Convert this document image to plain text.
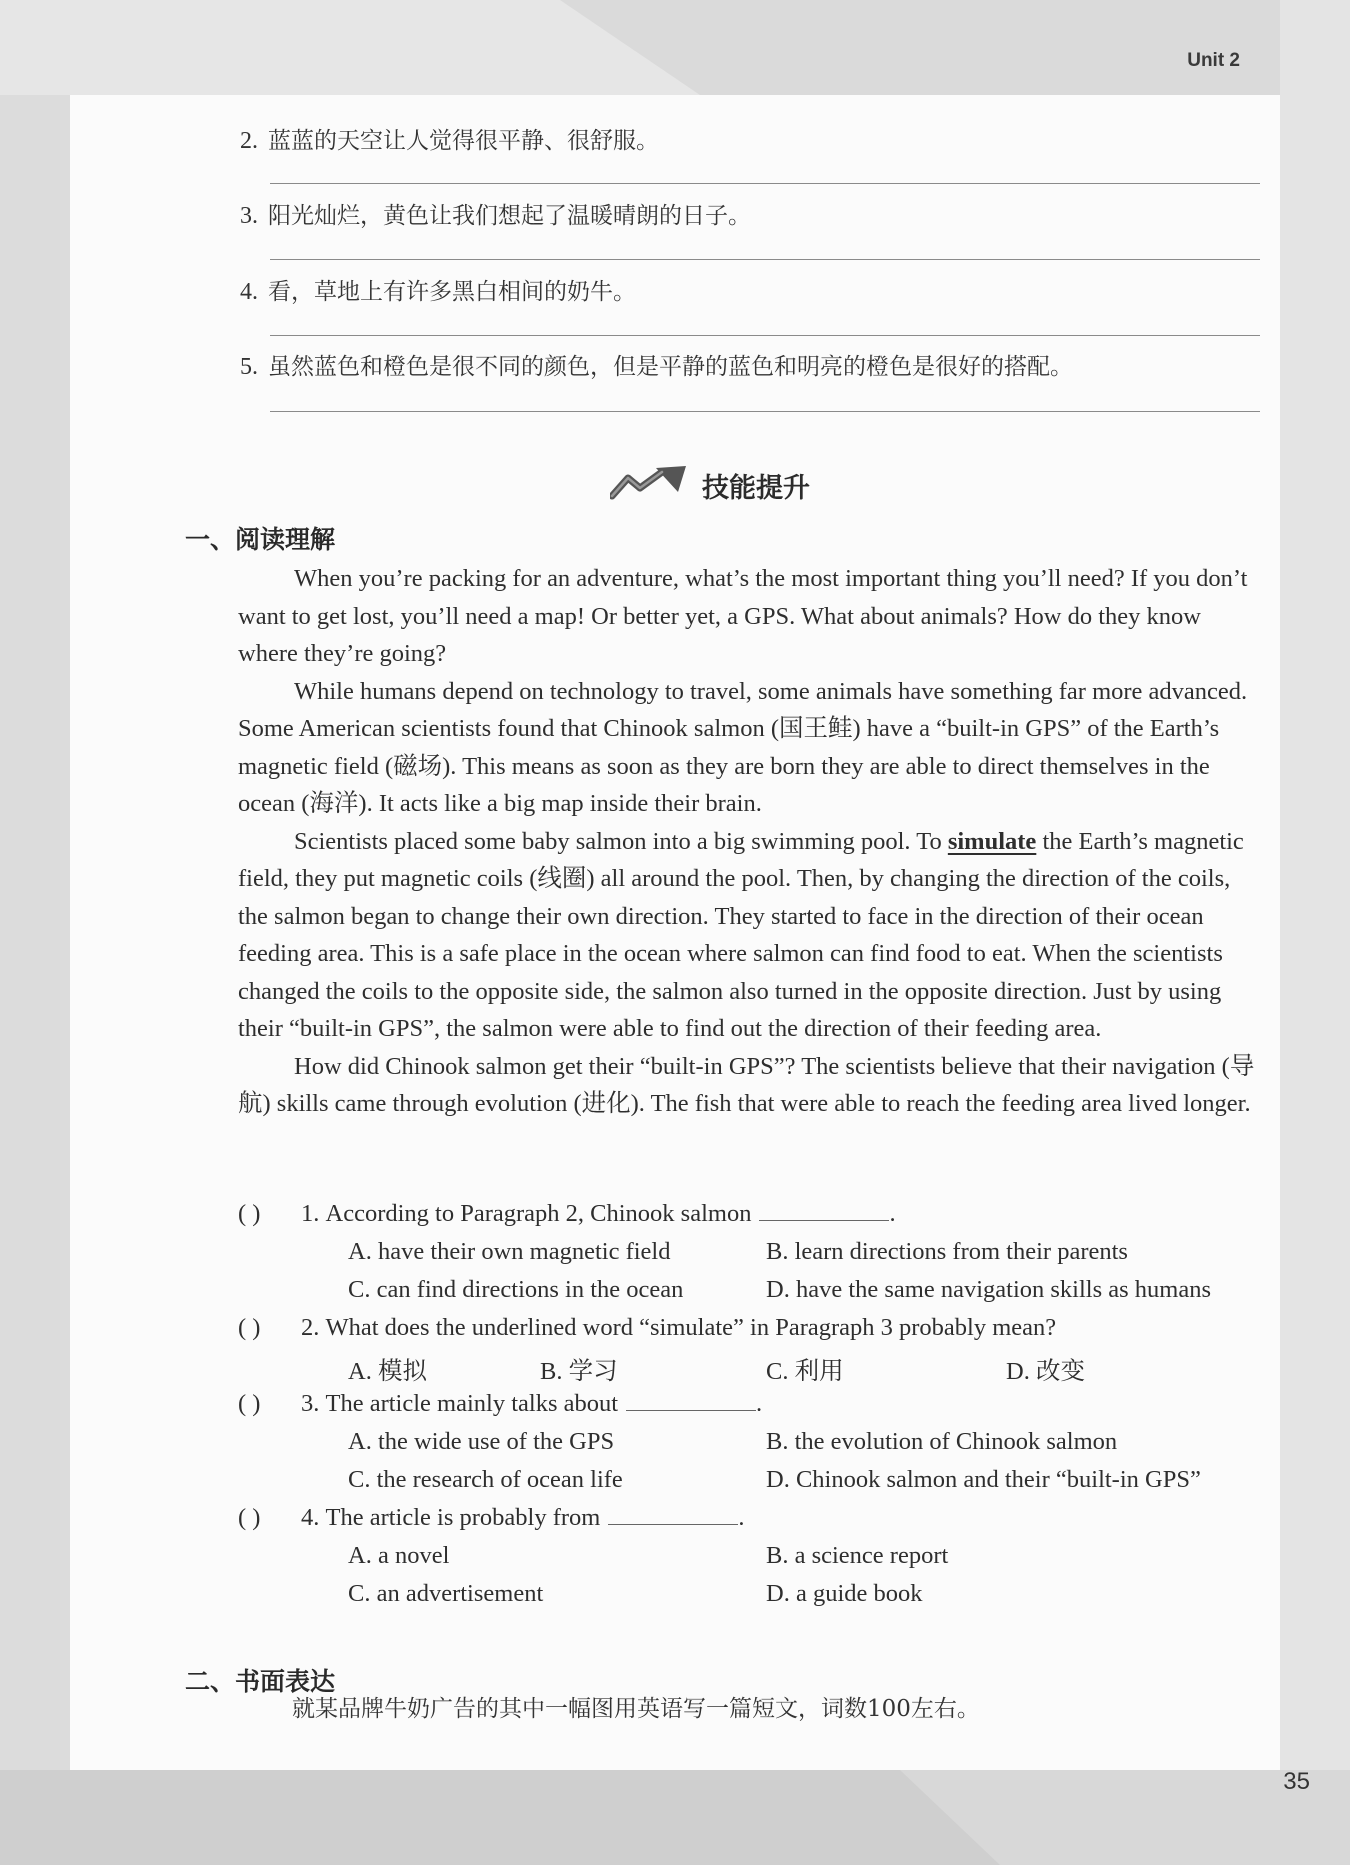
Unit 2
2. 蓝蓝的天空让人觉得很平静、很舒服。
3. 阳光灿烂，黄色让我们想起了温暖晴朗的日子。
4. 看，草地上有许多黑白相间的奶牛。
5. 虽然蓝色和橙色是很不同的颜色，但是平静的蓝色和明亮的橙色是很好的搭配。
技能提升
一、阅读理解

When you’re packing for an adventure, what’s the most important thing you’ll need? If you don’t want to get lost, you’ll need a map! Or better yet, a GPS. What about animals? How do they know where they’re going?

While humans depend on technology to travel, some animals have something far more advanced. Some American scientists found that Chinook salmon (国王鲑) have a “built-in GPS” of the Earth’s magnetic field (磁场). This means as soon as they are born they are able to direct themselves in the ocean (海洋). It acts like a big map inside their brain.

Scientists placed some baby salmon into a big swimming pool. To simulate the Earth’s magnetic field, they put magnetic coils (线圈) all around the pool. Then, by changing the direction of the coils, the salmon began to change their own direction. They started to face in the direction of their ocean feeding area. This is a safe place in the ocean where salmon can find food to eat. When the scientists changed the coils to the opposite side, the salmon also turned in the opposite direction. Just by using their “built-in GPS”, the salmon were able to find out the direction of their feeding area.

How did Chinook salmon get their “built-in GPS”? The scientists believe that their navigation (导航) skills came through evolution (进化). The fish that were able to reach the feeding area lived longer.

( ) 1. According to Paragraph 2, Chinook salmon	.
A. have their own magnetic field	B. learn directions from their parents
C. can find directions in the ocean	D. have the same navigation skills as humans
( ) 2. What does the underlined word “simulate” in Paragraph 3 probably mean?
A. 模拟	B. 学习	C. 利用	D. 改变
( ) 3. The article mainly talks about	.
A. the wide use of the GPS	B. the evolution of Chinook salmon
C. the research of ocean life	D. Chinook salmon and their “built-in GPS”
( ) 4. The article is probably from	.
A. a novel	B. a science report
C. an advertisement	D. a guide book
二、书面表达
就某品牌牛奶广告的其中一幅图用英语写一篇短文，词数100左右。
35
